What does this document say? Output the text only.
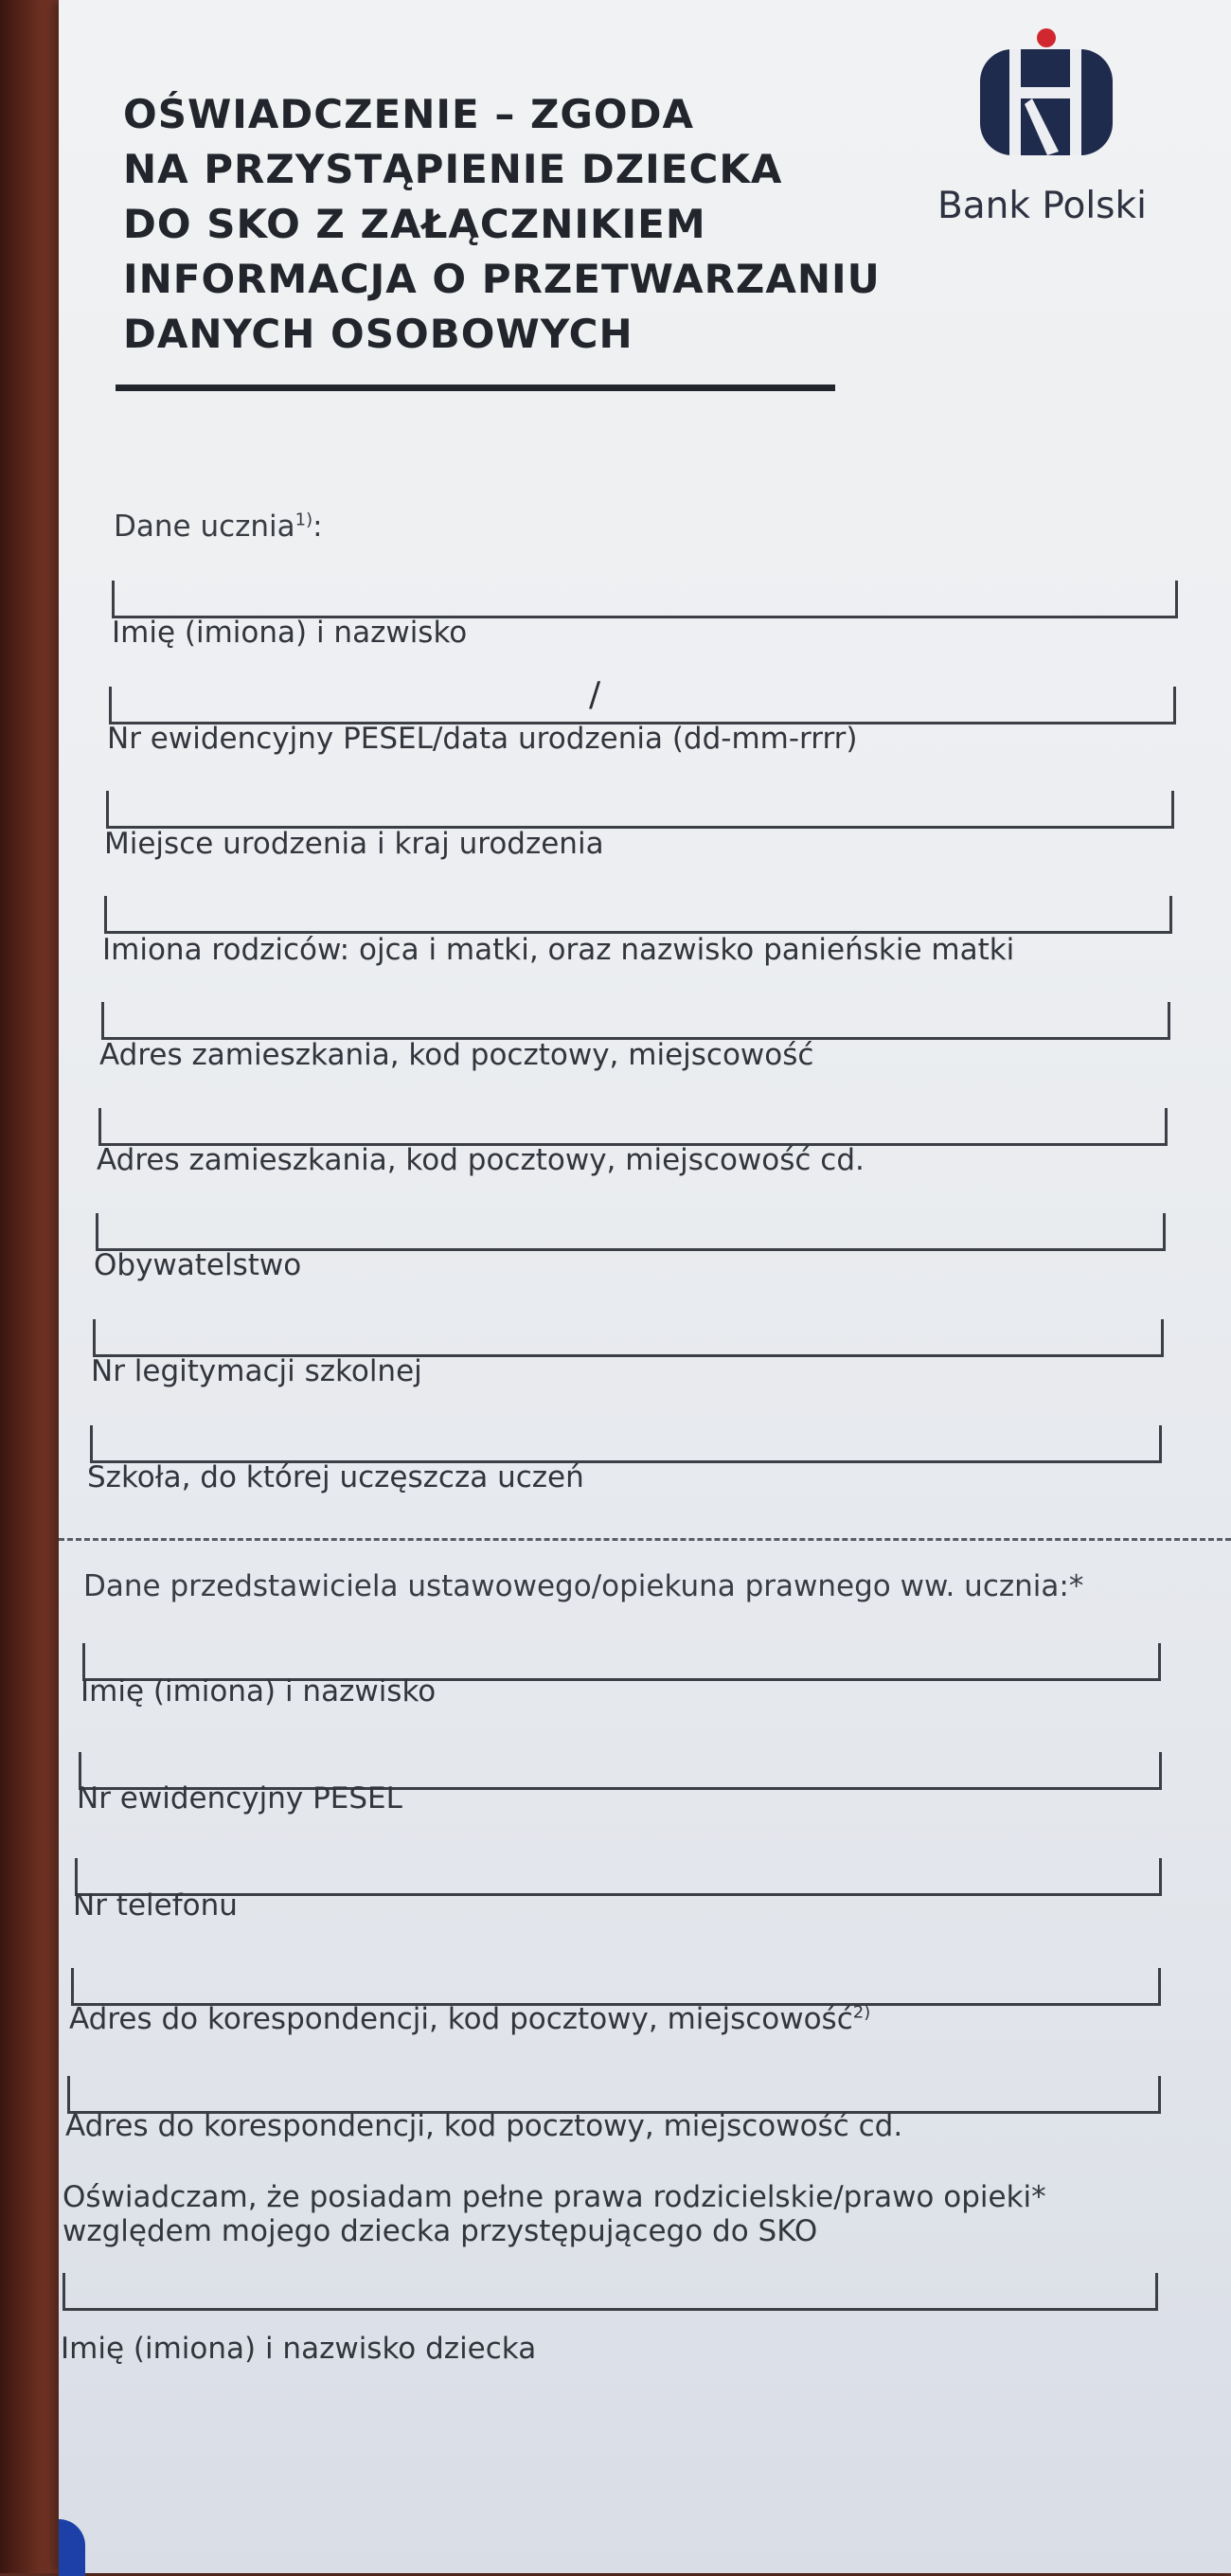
OŚWIADCZENIE – ZGODA
NA PRZYSTĄPIENIE DZIECKA
DO SKO Z ZAŁĄCZNIKIEM
INFORMACJA O PRZETWARZANIU
DANYCH OSOBOWYCH
Bank Polski
Dane ucznia$^{1)}$:
Imię (imiona) i nazwisko
/
Nr ewidencyjny PESEL/data urodzenia (dd-mm-rrrr)
Miejsce urodzenia i kraj urodzenia
Imiona rodziców: ojca i matki, oraz nazwisko panieńskie matki
Adres zamieszkania, kod pocztowy, miejscowość
Adres zamieszkania, kod pocztowy, miejscowość cd.
Obywatelstwo
Nr legitymacji szkolnej
Szkoła, do której uczęszcza uczeń
Dane przedstawiciela ustawowego/opiekuna prawnego ww. ucznia:*
Imię (imiona) i nazwisko
Nr ewidencyjny PESEL
Nr telefonu
Adres do korespondencji, kod pocztowy, miejscowość$^{2)}$
Adres do korespondencji, kod pocztowy, miejscowość cd.

Oświadczam, że posiadam pełne prawa rodzicielskie/prawo opieki*
względem mojego dziecka przystępującego do SKO

Imię (imiona) i nazwisko dziecka
